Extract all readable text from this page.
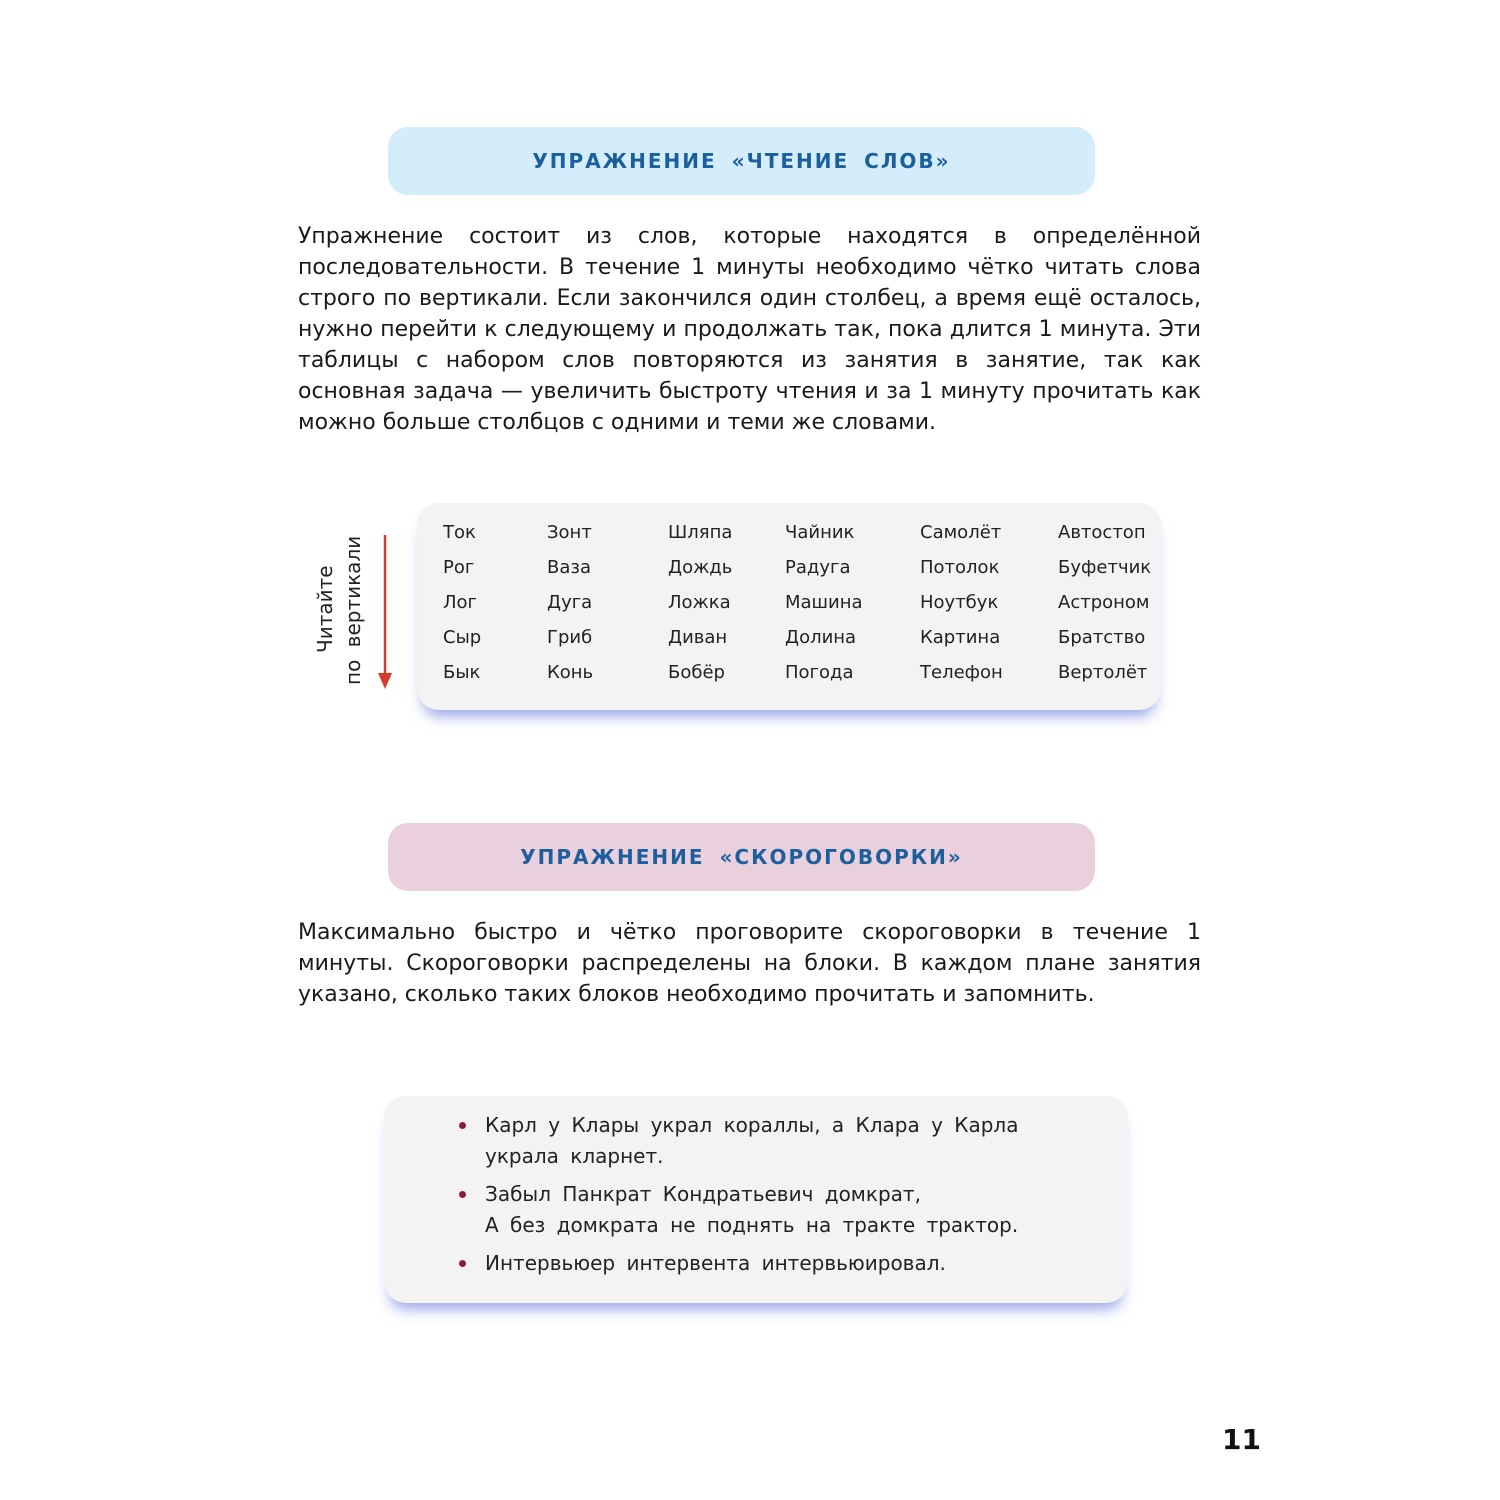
УПРАЖНЕНИЕ «ЧТЕНИЕ СЛОВ»

Упражнение состоит из слов, которые находятся в определённой последовательности. В течение 1 минуты необходимо чётко читать слова строго по вертикали. Если закончился один столбец, а время ещё осталось, нужно перейти к следующему и продолжать так, пока длится 1 минута. Эти таблицы с набором слов повторяются из занятия в занятие, так как основная задача — увеличить быстроту чтения и за 1 минуту прочитать как можно больше столбцов с одними и теми же словами.

Читайте по вертикали
Ток
Рог
Лог
Сыр
Бык
Зонт
Ваза
Дуга
Гриб
Конь
Шляпа
Дождь
Ложка
Диван
Бобёр
Чайник
Радуга
Машина
Долина
Погода
Самолёт
Потолок
Ноутбук
Картина
Телефон
Автостоп
Буфетчик
Астроном
Братство
Вертолёт
УПРАЖНЕНИЕ «СКОРОГОВОРКИ»

Максимально быстро и чётко проговорите скороговорки в течение 1 минуты. Скороговорки распределены на блоки. В каждом плане занятия указано, сколько таких блоков необходимо прочитать и запомнить.

Карл у Клары украл кораллы, а Клара у Карла украла кларнет.
Забыл Панкрат Кондратьевич домкрат,
А без домкрата не поднять на тракте трактор.
Интервьюер интервента интервьюировал.
11
